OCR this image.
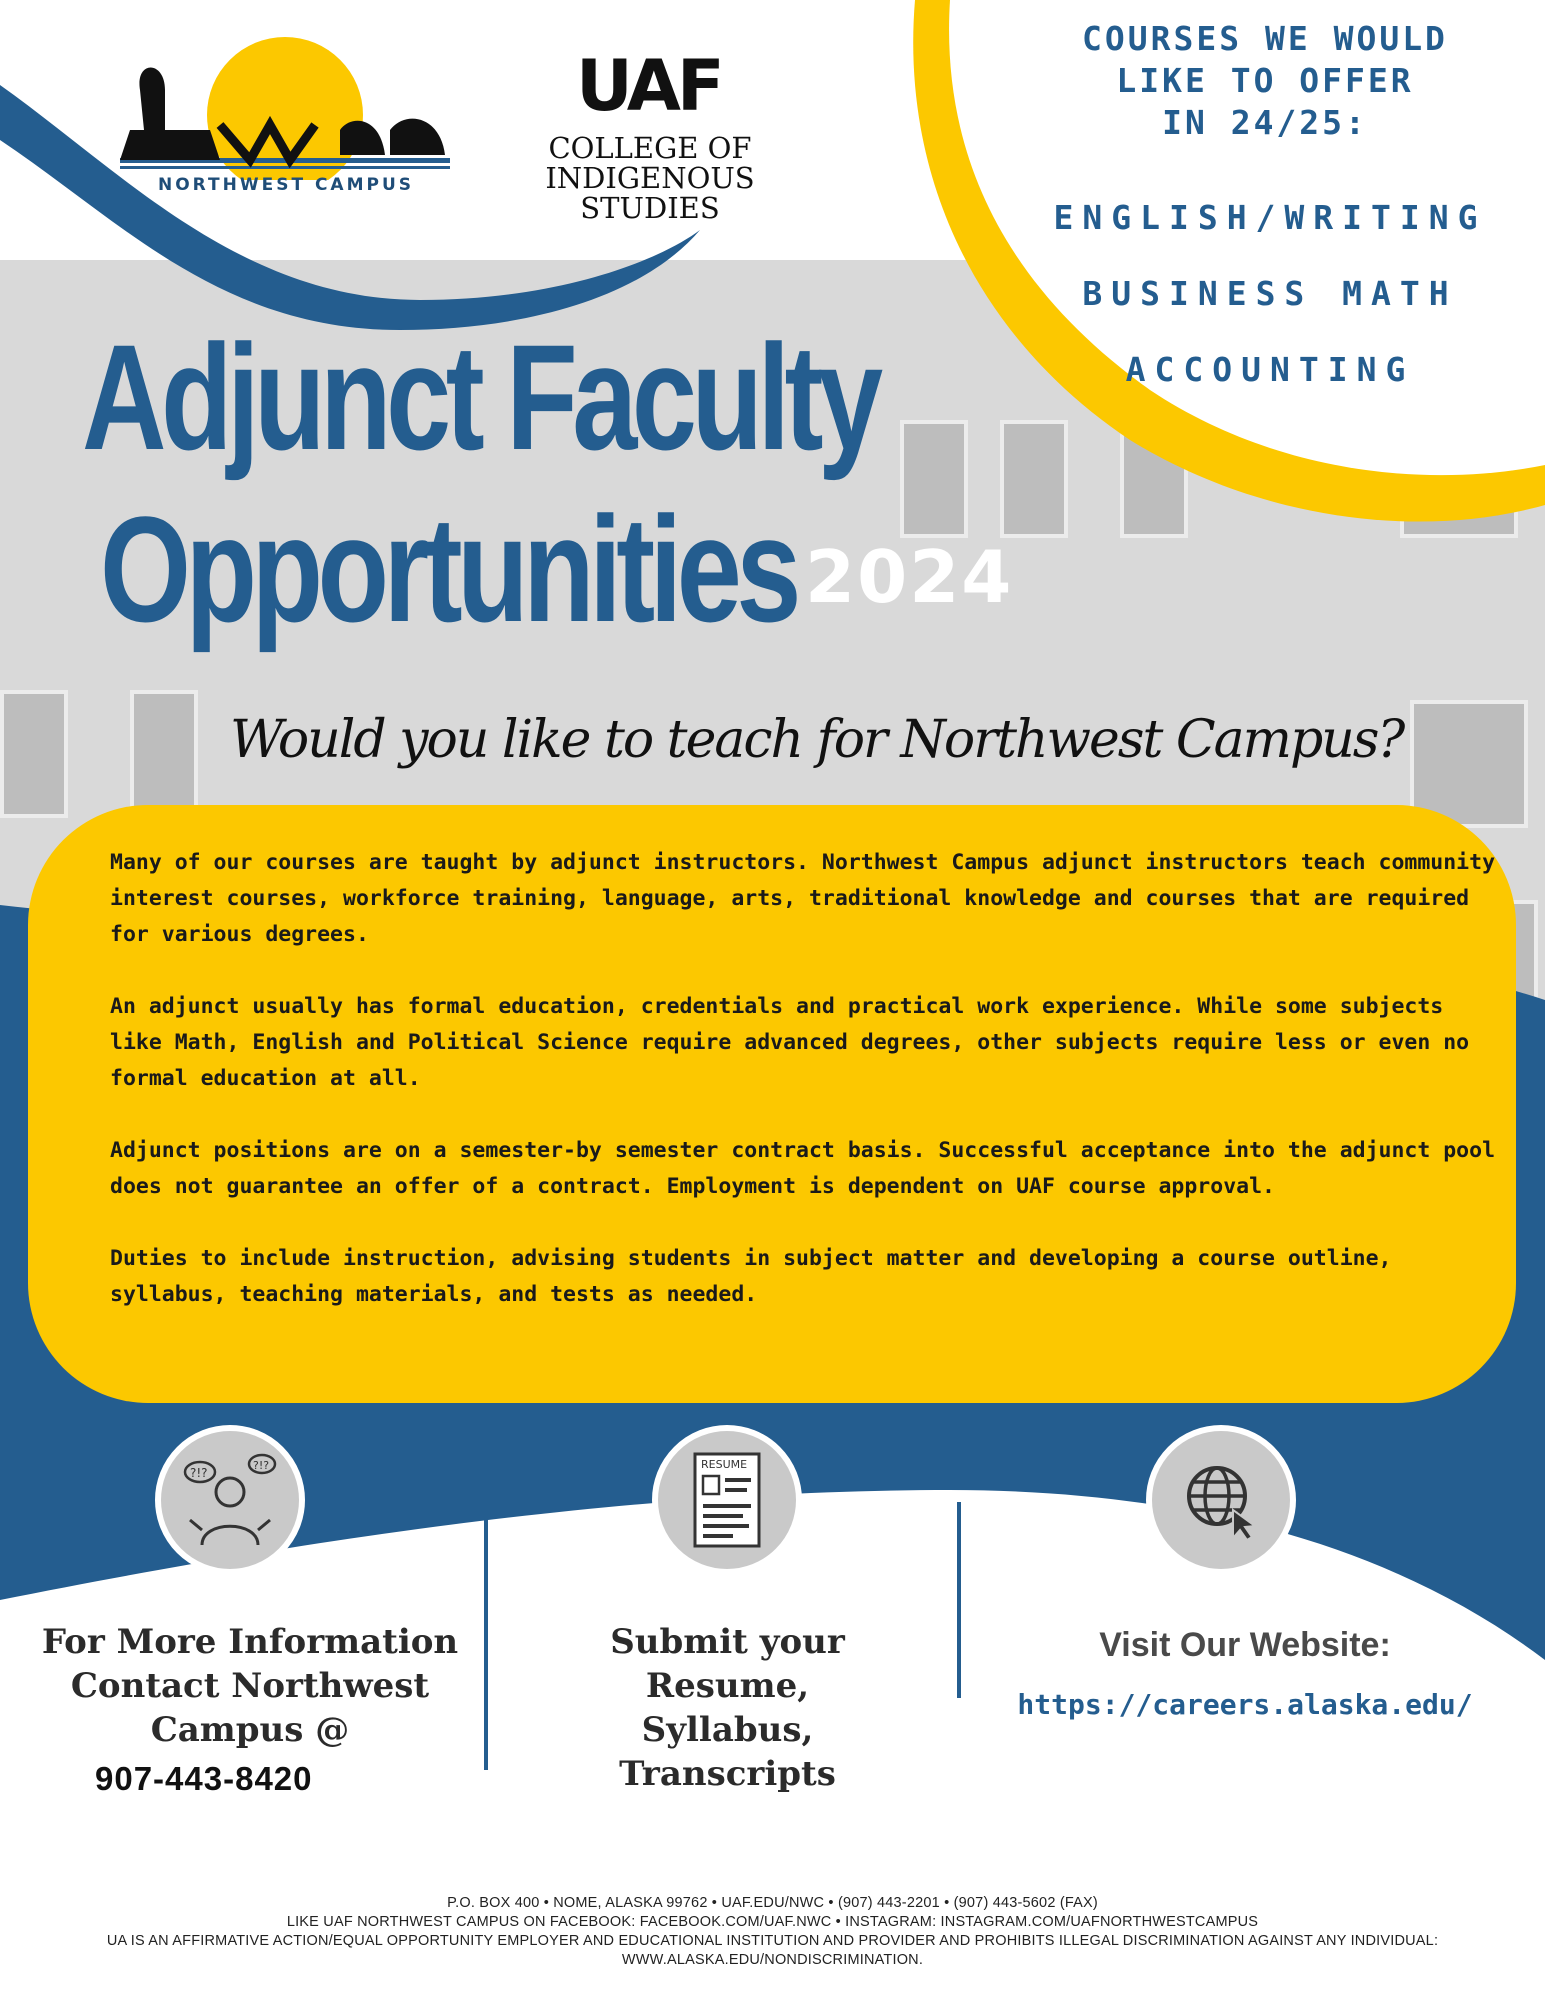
NORTHWEST CAMPUS
UAF
COLLEGE OF
INDIGENOUS STUDIES
COURSES WE WOULD
LIKE TO OFFER
IN 24/25:
ENGLISH/WRITING
BUSINESS MATH
ACCOUNTING
Adjunct Faculty
Opportunities 2024
Would you like to teach for Northwest Campus?

Many of our courses are taught by adjunct instructors. Northwest Campus adjunct instructors teach community interest courses, workforce training, language, arts, traditional knowledge and courses that are required for various degrees.

An adjunct usually has formal education, credentials and practical work experience. While some subjects like Math, English and Political Science require advanced degrees, other subjects require less or even no formal education at all.

Adjunct positions are on a semester-by semester contract basis. Successful acceptance into the adjunct pool does not guarantee an offer of a contract. Employment is dependent on UAF course approval.

Duties to include instruction, advising students in subject matter and developing a course outline, syllabus, teaching materials, and tests as needed.

?!?
?!?	RESUME
For More Information
Contact Northwest
Campus @
907-443-8420
Submit your
Resume,
Syllabus,
Transcripts
Visit Our Website:
https://careers.alaska.edu/
P.O. BOX 400 • NOME, ALASKA 99762 • UAF.EDU/NWC • (907) 443-2201 • (907) 443-5602 (FAX)
LIKE UAF NORTHWEST CAMPUS ON FACEBOOK: FACEBOOK.COM/UAF.NWC • INSTAGRAM: INSTAGRAM.COM/UAFNORTHWESTCAMPUS
UA IS AN AFFIRMATIVE ACTION/EQUAL OPPORTUNITY EMPLOYER AND EDUCATIONAL INSTITUTION AND PROVIDER AND PROHIBITS ILLEGAL DISCRIMINATION AGAINST ANY INDIVIDUAL:
WWW.ALASKA.EDU/NONDISCRIMINATION.
